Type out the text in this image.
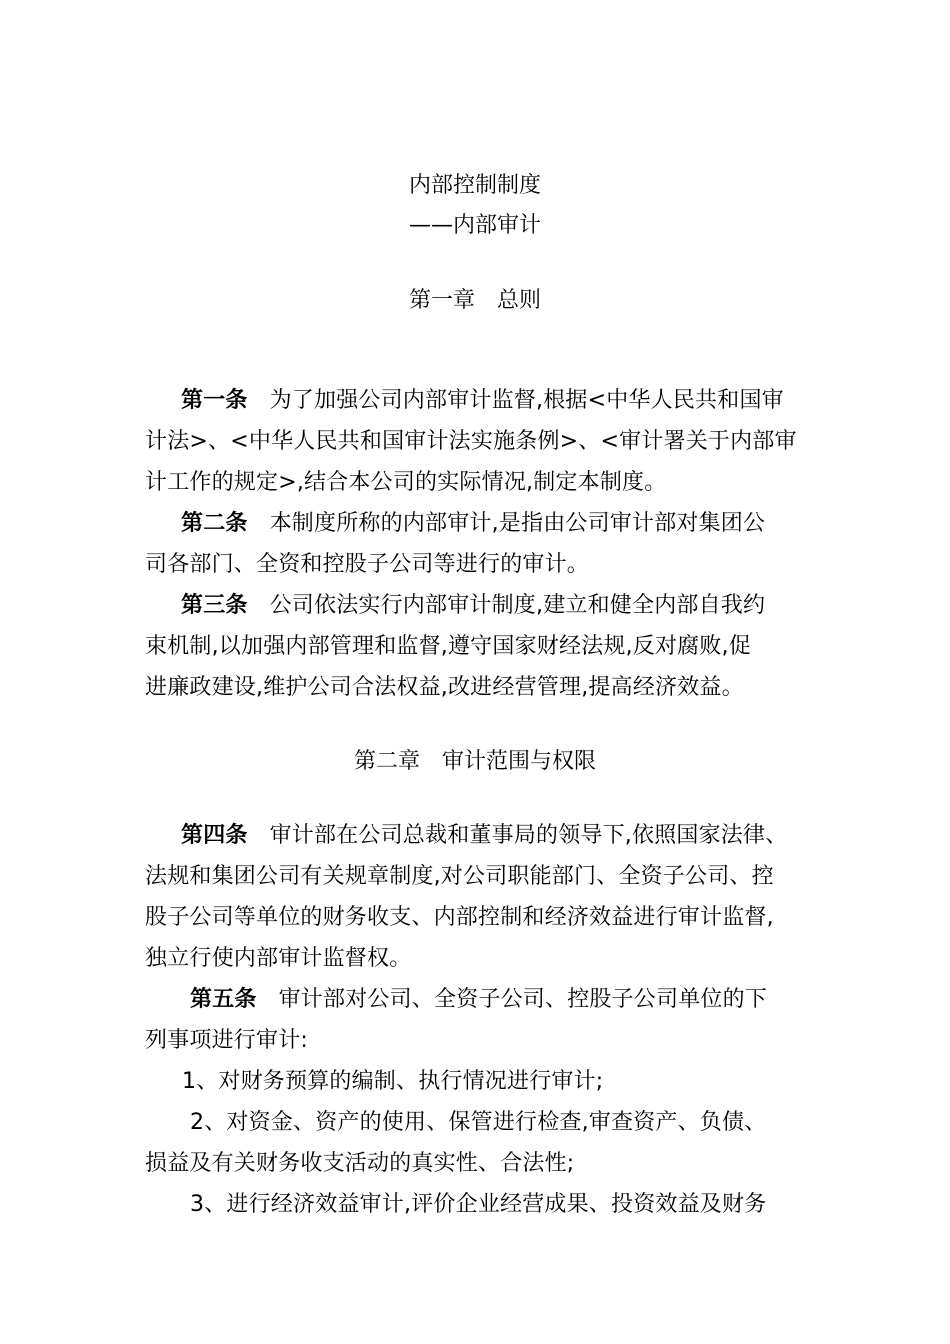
内部控制制度
——内部审计
第一章 总则
第一条 为了加强公司内部审计监督,根据<中华人民共和国审
计法>、<中华人民共和国审计法实施条例>、<审计署关于内部审
计工作的规定>,结合本公司的实际情况,制定本制度。
第二条 本制度所称的内部审计,是指由公司审计部对集团公
司各部门、全资和控股子公司等进行的审计。
第三条 公司依法实行内部审计制度,建立和健全内部自我约
束机制,以加强内部管理和监督,遵守国家财经法规,反对腐败,促
进廉政建设,维护公司合法权益,改进经营管理,提高经济效益。
第二章 审计范围与权限
第四条 审计部在公司总裁和董事局的领导下,依照国家法律、
法规和集团公司有关规章制度,对公司职能部门、全资子公司、控
股子公司等单位的财务收支、内部控制和经济效益进行审计监督,
独立行使内部审计监督权。
第五条 审计部对公司、全资子公司、控股子公司单位的下
列事项进行审计:
1、对财务预算的编制、执行情况进行审计;
2、对资金、资产的使用、保管进行检查,审查资产、负债、
损益及有关财务收支活动的真实性、合法性;
3、进行经济效益审计,评价企业经营成果、投资效益及财务
